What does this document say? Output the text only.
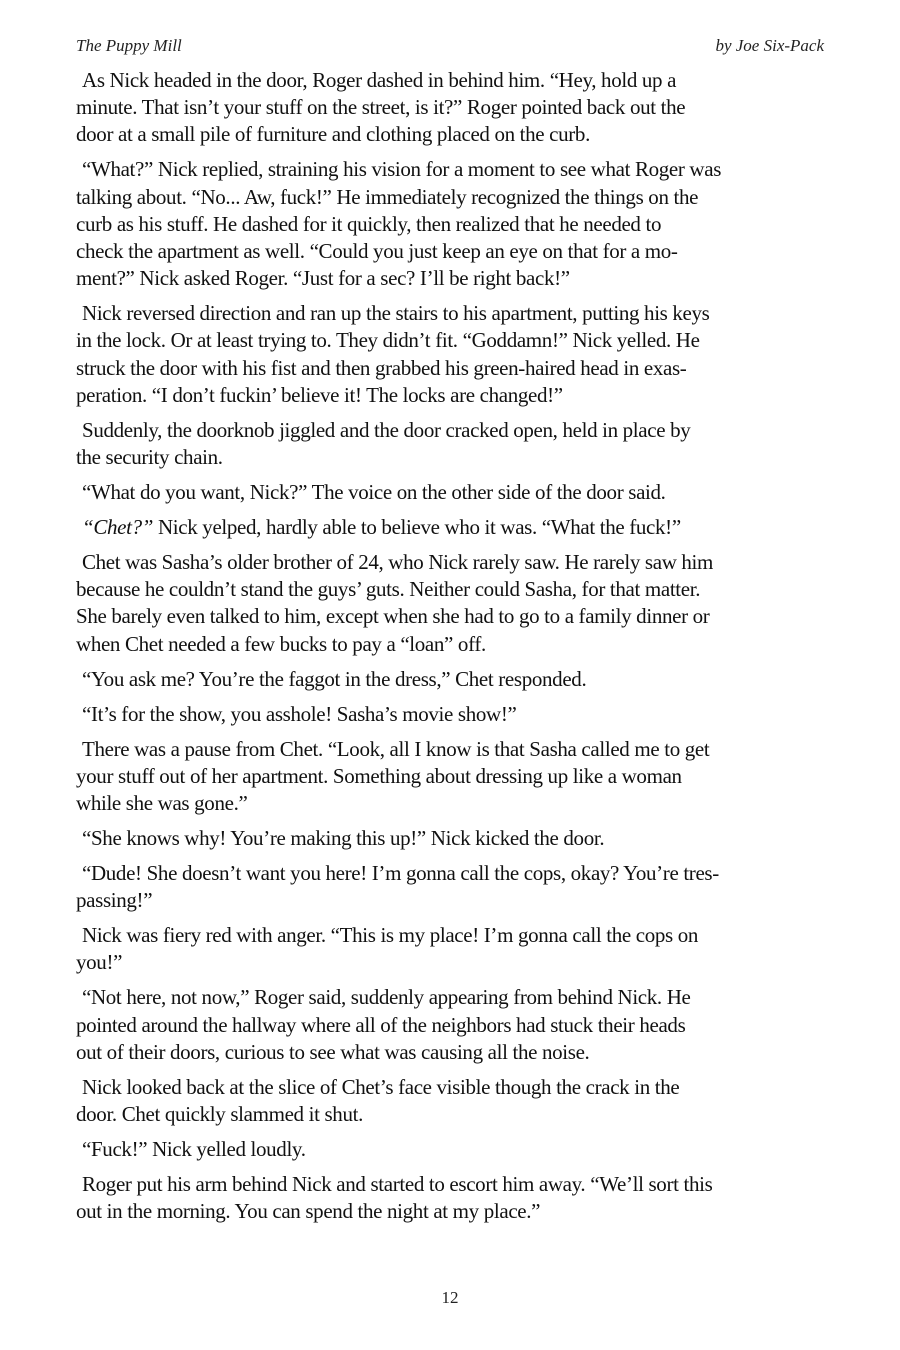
The Puppy Mill	by Joe Six-Pack

As Nick headed in the door, Roger dashed in behind him. “Hey, hold up a
minute. That isn’t your stuff on the street, is it?” Roger pointed back out the
door at a small pile of furniture and clothing placed on the curb.

“What?” Nick replied, straining his vision for a moment to see what Roger was
talking about. “No... Aw, fuck!” He immediately recognized the things on the
curb as his stuff. He dashed for it quickly, then realized that he needed to
check the apartment as well. “Could you just keep an eye on that for a mo-
ment?” Nick asked Roger. “Just for a sec? I’ll be right back!”

Nick reversed direction and ran up the stairs to his apartment, putting his keys
in the lock. Or at least trying to. They didn’t fit. “Goddamn!” Nick yelled. He
struck the door with his fist and then grabbed his green-haired head in exas-
peration. “I don’t fuckin’ believe it! The locks are changed!”

Suddenly, the doorknob jiggled and the door cracked open, held in place by
the security chain.

“What do you want, Nick?” The voice on the other side of the door said.

“Chet?” Nick yelped, hardly able to believe who it was. “What the fuck!”

Chet was Sasha’s older brother of 24, who Nick rarely saw. He rarely saw him
because he couldn’t stand the guys’ guts. Neither could Sasha, for that matter.
She barely even talked to him, except when she had to go to a family dinner or
when Chet needed a few bucks to pay a “loan” off.

“You ask me? You’re the faggot in the dress,” Chet responded.

“It’s for the show, you asshole! Sasha’s movie show!”

There was a pause from Chet. “Look, all I know is that Sasha called me to get
your stuff out of her apartment. Something about dressing up like a woman
while she was gone.”

“She knows why! You’re making this up!” Nick kicked the door.

“Dude! She doesn’t want you here! I’m gonna call the cops, okay? You’re tres-
passing!”

Nick was fiery red with anger. “This is my place! I’m gonna call the cops on
you!”

“Not here, not now,” Roger said, suddenly appearing from behind Nick. He
pointed around the hallway where all of the neighbors had stuck their heads
out of their doors, curious to see what was causing all the noise.

Nick looked back at the slice of Chet’s face visible though the crack in the
door. Chet quickly slammed it shut.

“Fuck!” Nick yelled loudly.

Roger put his arm behind Nick and started to escort him away. “We’ll sort this
out in the morning. You can spend the night at my place.”

12
